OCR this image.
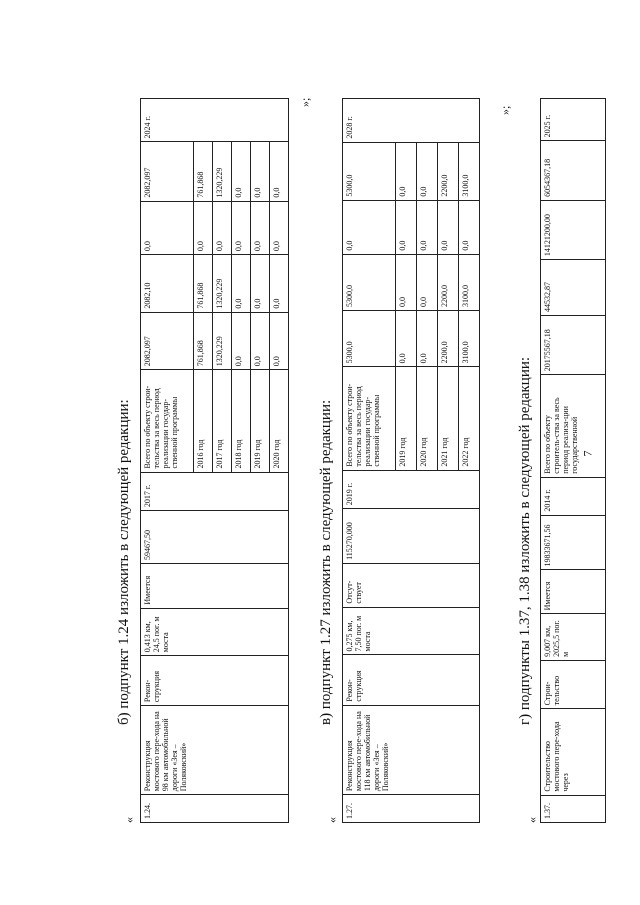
б) подпункт 1.24 изложить в следующей редакции:
«
»;
1.24.	Реконструкция мостового пере-хода на 98 км автомобильной дороги «Зея – Поляковский»	Рекон-струкция	0,413 км, 24,5 пог. м моста	Имеется	59467,50	2017 г.	Всего по объекту строи-тельства за весь период реализации государ-ственной программы	2082,097	2082,10	0,0	2082,097	2024 г.
							2016 год	761,868	761,868	0,0	761,868	
							2017 год	1320,229	1320,229	0,0	1320,229	
							2018 год	0,0	0,0	0,0	0,0	
							2019 год	0,0	0,0	0,0	0,0	
							2020 год	0,0	0,0	0,0	0,0	
в) подпункт 1.27 изложить в следующей редакции:
«
»;
1.27.	Реконструкция мостового пере-хода на 118 км автомобильной дороги «Зея – Поляковский»	Рекон-струкция	0,275 км, 7,50 пог. м моста	Отсут-ствует	115270,000	2019 г.	Всего по объекту строи-тельства за весь период реализации государ-ственной программы	5300,0	5300,0	0,0	5300,0	2028 г.
							2019 год	0,0	0,0	0,0	0,0	
							2020 год	0,0	0,0	0,0	0,0	
							2021 год	2200,0	2200,0	0,0	2200,0	
							2022 год	3100,0	3100,0	0,0	3100,0	
г) подпункты 1.37, 1.38 изложить в следующей редакции:
«
1.37.	Строительство мостового пере-хода через	Строи-тельство	9,007 км, 2025,5 пог. м	Имеется	19833671,56	2014 г.	Всего по объекту строитель-ства за весь период реализа-ции государственной	20175567,18	44532,87	14121200,00	6054367,18	2025 г.
7
